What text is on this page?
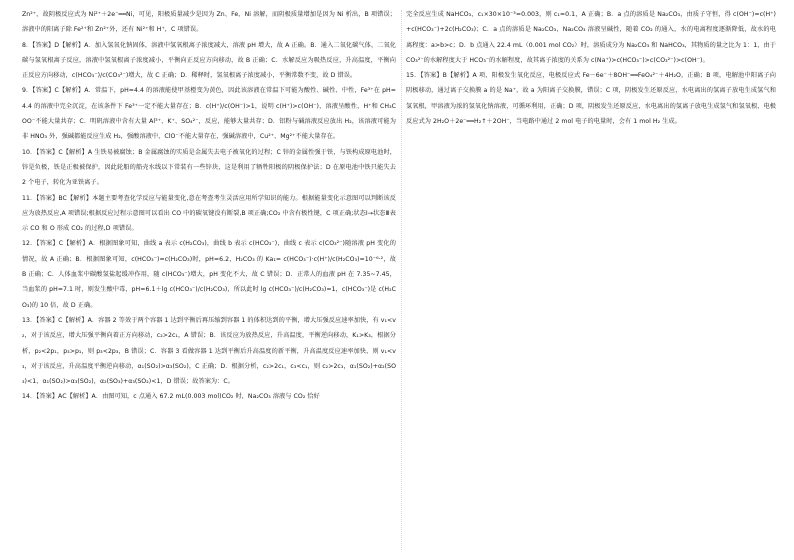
Zn²⁺，故阴极反应式为 Ni²⁺＋2e⁻══Ni，可见，阳极质量减少是因为 Zn、Fe、Ni 溶解，而阴极质量增加是因为 Ni 析出，B 项错误；溶液中的阳离子除 Fe²⁺和 Zn²⁺外，还有 Ni²⁺和 H⁺，C 项错误。

8．【答案】D【解析】A．加入氢氧化钠固体，溶液中氢氧根离子浓度减大，溶液 pH 增大，故 A 正确。B．通入二氧化碳气体，二氧化碳与氢氧根离子反应，溶液中氢氧根离子浓度减小，平衡向正反应方向移动，故 B 正确；C．水解反应为吸热反应，升高温度，平衡向正反应方向移动，c(HCO₃⁻)/c(CO₃²⁻)增大，故 C 正确；D．稀释时，氢氧根离子浓度减小，平衡常数不变，故 D 错误。

9．【答案】C【解析】A．常温下，pH=4.4 的溶液能使甲基橙变为黄色，因此该溶液在常温下可能为酸性、碱性、中性，Fe³⁺在 pH=4.4 的溶液中完全沉淀，在该条件下 Fe³⁺一定不能大量存在；B．c(H⁺)/c(OH⁻)>1，说明 c(H⁺)>c(OH⁻)，溶液呈酸性，H⁺和 CH₃COO⁻不能大量共存；C．明矾溶液中含有大量 Al³⁺、K⁺、SO₄²⁻，反应，能够大量共存；D．铝粉与碱溶液反应放出 H₂，该溶液可能为非 HNO₃ 外，强碱都能反应生成 H₂，强酸溶液中，ClO⁻不能大量存在，强碱溶液中，Cu²⁺、Mg²⁺不能大量存在。

10．【答案】C【解析】A 生铁易被腐蚀；B 金属腐蚀的实质是金属失去电子被氧化的过程；C 锌的金属性强于铁，与铁构成原电池时，锌是负极，铁是正极被保护，因此轮船的船壳水线以下常装有一些锌块，这是利用了牺牲阳极的阴极保护法；D 在原电池中铁只能失去 2 个电子，转化为亚铁离子。

11．【答案】BC【解析】本题主要考查化学反应与能量变化,意在考查考生灵活应用所学知识的能力。根据能量变化示意图可以判断该反应为放热反应,A 项错误;根据反应过程示意图可以看出 CO 中的碳氧键没有断裂,B 项正确;CO₂ 中含有极性键，C 项正确;状态Ⅰ→状态Ⅲ表示 CO 和 O 形成 CO₂ 的过程,D 项错误。

12．【答案】C【解析】A．根据图象可知，曲线 a 表示 c(H₂CO₃)，曲线 b 表示 c(HCO₃⁻)，曲线 c 表示 c(CO₃²⁻)随溶液 pH 变化的情况，故 A 正确；B．根据图象可知，c(HCO₃⁻)=c(H₂CO₃)时，pH=6.2，H₂CO₃ 的 Ka₁= c(HCO₃⁻)·c(H⁺)/c(H₂CO₃)=10⁻⁶·²，故 B 正确；C．人体血浆中碳酸氢盐起缓冲作用，随 c(HCO₃⁻)增大，pH 变化不大，故 C 错误；D．正常人的血液 pH 在 7.35~7.45，当血浆的 pH=7.1 时，则发生酸中毒，pH=6.1＋lg c(HCO₃⁻)/c(H₂CO₃)，所以此时 lg c(HCO₃⁻)/c(H₂CO₃)=1，c(HCO₃⁻)是 c(H₂CO₃)的 10 倍，故 D 正确。

13．【答案】C【解析】A．容器 2 等效于两个容器 1 达到平衡后再压缩到容器 1 的体积达到的平衡，增大压强反应速率加快，有 v₁<v₂，对于该反应，增大压强平衡向着正方向移动，c₂>2c₁，A 错误；B．该反应为放热反应，升高温度，平衡逆向移动，K₁>K₃，根据分析，p₂<2p₁，p₃>p₁，则 p₃<2p₃，B 错误；C．容器 3 看做容器 1 达到平衡后升高温度的新平衡，升高温度反应速率加快，则 v₁<v₃，对于该反应，升高温度平衡逆向移动，α₁(SO₂)>α₃(SO₂)，C 正确；D．根据分析，c₂>2c₁，c₃<c₁，则 c₂>2c₃，α₁(SO₂)+α₂(SO₃)<1，α₁(SO₂)>α₃(SO₂)，α₂(SO₃)+α₃(SO₂)<1，D 错误；故答案为：C。

14．【答案】AC【解析】A．由图可知，c 点通入 67.2 mL(0.003 mol)CO₂ 时，Na₂CO₃ 溶液与 CO₂ 恰好

完全反应生成 NaHCO₃，c₁×30×10⁻³=0.003，则 c₁=0.1，A 正确；B．a 点的溶质是 Na₂CO₃，由质子守恒，得 c(OH⁻)=c(H⁺)+c(HCO₃⁻)+2c(H₂CO₃)；C．a 点的溶质是 Na₂CO₃，Na₂CO₃ 溶液呈碱性，随着 CO₂ 的通入，水的电离程度逐渐降低，故水的电离程度：a>b>c；D．b 点通入 22.4 mL（0.001 mol CO₂）时，溶质成分为 Na₂CO₃ 和 NaHCO₃，其物质的量之比为 1：1，由于 CO₃²⁻的水解程度大于 HCO₃⁻的水解程度，故其离子浓度的关系为 c(Na⁺)>c(HCO₃⁻)>c(CO₃²⁻)>c(OH⁻)。

15．【答案】B【解析】A 项，阳极发生氧化反应，电极反应式 Fe－6e⁻＋8OH⁻══FeO₄²⁻＋4H₂O，正确；B 项，电解池中阳离子向阴极移动，通过离子交换膜 a 的是 Na⁺，故 a 为阳离子交换膜，错误；C 项，阴极发生还原反应，水电离出的氢离子放电生成氢气和氢氧根，甲溶液为浓的氢氧化钠溶液，可循环利用，正确；D 项，阴极发生还原反应，水电离出的氢离子放电生成氢气和氢氧根，电极反应式为 2H₂O＋2e⁻══H₂↑＋2OH⁻，当电路中通过 2 mol 电子的电量时，会有 1 mol H₂ 生成。
